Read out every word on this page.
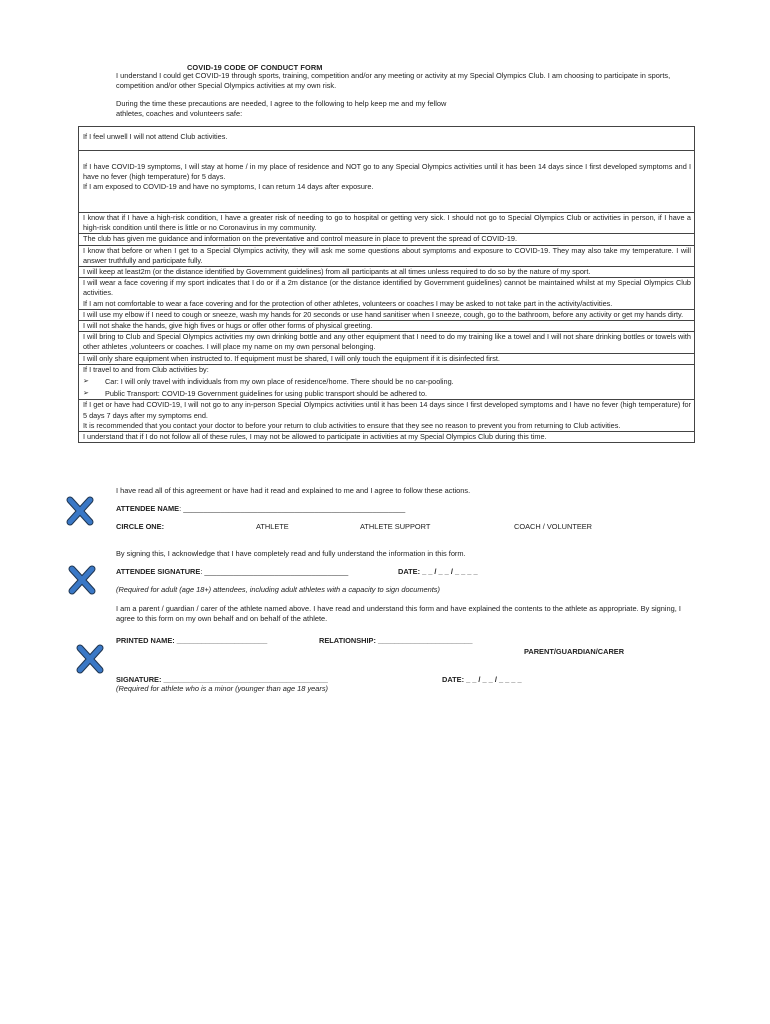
COVID-19 CODE OF CONDUCT FORM

I understand I could get COVID-19 through sports, training, competition and/or any meeting or activity at my Special Olympics Club. I am choosing to participate in sports, competition and/or other Special Olympics activities at my own risk.

During the time these precautions are needed, I agree to the following to help keep me and my fellow athletes, coaches and volunteers safe:

If I feel unwell I will not attend Club activities.

If I have COVID-19 symptoms, I will stay at home / in my place of residence and NOT go to any Special Olympics activities until it has been 14 days since I first developed symptoms and I have no fever (high temperature) for 5 days.

If I am exposed to COVID-19 and have no symptoms, I can return 14 days after exposure.

I know that if I have a high-risk condition, I have a greater risk of needing to go to hospital or getting very sick. I should not go to Special Olympics Club or activities in person, if I have a high-risk condition until there is little or no Coronavirus in my community.

The club has given me guidance and information on the preventative and control measure in place to prevent the spread of COVID-19.

I know that before or when I get to a Special Olympics activity, they will ask me some questions about symptoms and exposure to COVID-19. They may also take my temperature. I will answer truthfully and participate fully.

I will keep at least2m (or the distance identified by Government guidelines) from all participants at all times unless required to do so by the nature of my sport.

I will wear a face covering if my sport indicates that I do or if a 2m distance (or the distance identified by Government guidelines) cannot be maintained whilst at my Special Olympics Club activities.

If I am not comfortable to wear a face covering and for the protection of other athletes, volunteers or coaches I may be asked to not take part in the activity/activities.

I will use my elbow if I need to cough or sneeze, wash my hands for 20 seconds or use hand sanitiser when I sneeze, cough, go to the bathroom, before any activity or get my hands dirty.

I will not shake the hands, give high fives or hugs or offer other forms of physical greeting.

I will bring to Club and Special Olympics activities my own drinking bottle and any other equipment that I need to do my training like a towel and I will not share drinking bottles or towels with other athletes ,volunteers or coaches. I will place my name on my own personal belonging.

I will only share equipment when instructed to. If equipment must be shared, I will only touch the equipment if it is disinfected first.

If I travel to and from Club activities by:

➢	Car: I will only travel with individuals from my own place of residence/home. There should be no car-pooling.
➢	Public Transport: COVID-19 Government guidelines for using public transport should be adhered to.

If I get or have had COVID-19, I will not go to any in-person Special Olympics activities until it has been 14 days since I first developed symptoms and I have no fever (high temperature) for 5 days 7 days after my symptoms end.

It is recommended that you contact your doctor to before your return to club activities to ensure that they see no reason to prevent you from returning to Club activities.

I understand that if I do not follow all of these rules, I may not be allowed to participate in activities at my Special Olympics Club during this time.

I have read all of this agreement or have had it read and explained to me and I agree to follow these actions.
ATTENDEE NAME: ______________________________________________________
CIRCLE ONE:	ATHLETE	ATHLETE SUPPORT	COACH / VOLUNTEER
By signing this, I acknowledge that I have completely read and fully understand the information in this form.
ATTENDEE SIGNATURE: ___________________________________	DATE: _ _ / _ _ / _ _ _ _
(Required for adult (age 18+) attendees, including adult athletes with a capacity to sign documents)
I am a parent / guardian / carer of the athlete named above. I have read and understand this form and have explained the contents to the athlete as appropriate. By signing, I agree to this form on my own behalf and on behalf of the athlete.
PRINTED NAME: ______________________	RELATIONSHIP: _______________________
PARENT/GUARDIAN/CARER
SIGNATURE: ________________________________________	DATE: _ _ / _ _ / _ _ _ _
(Required for athlete who is a minor (younger than age 18 years)
